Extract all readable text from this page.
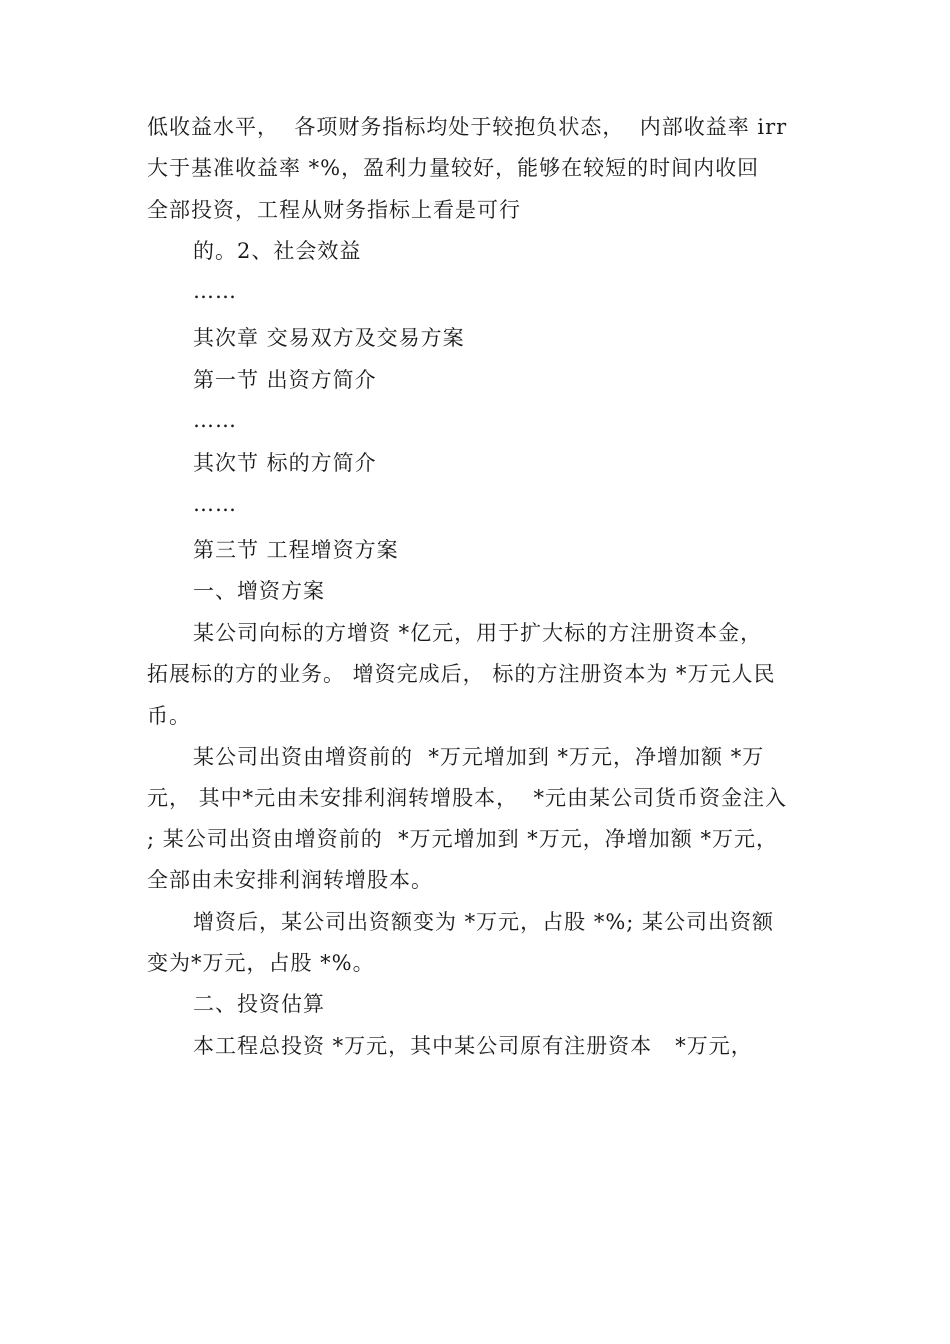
低收益水平，  各项财务指标均处于较抱负状态，  内部收益率 irr
大于基准收益率 *%，盈利力量较好，能够在较短的时间内收回
全部投资，工程从财务指标上看是可行
的。2、社会效益
……
其次章 交易双方及交易方案
第一节 出资方简介
……
其次节 标的方简介
……
第三节 工程增资方案
一、增资方案
某公司向标的方增资 *亿元，用于扩大标的方注册资本金，
拓展标的方的业务。 增资完成后， 标的方注册资本为 *万元人民
币。
某公司出资由增资前的  *万元增加到 *万元，净增加额 *万
元， 其中*元由未安排利润转增股本，  *元由某公司货币资金注入
; 某公司出资由增资前的  *万元增加到 *万元，净增加额 *万元，
全部由未安排利润转增股本。
增资后，某公司出资额变为 *万元，占股 *%; 某公司出资额
变为*万元，占股 *%。
二、投资估算
本工程总投资 *万元，其中某公司原有注册资本   *万元，
